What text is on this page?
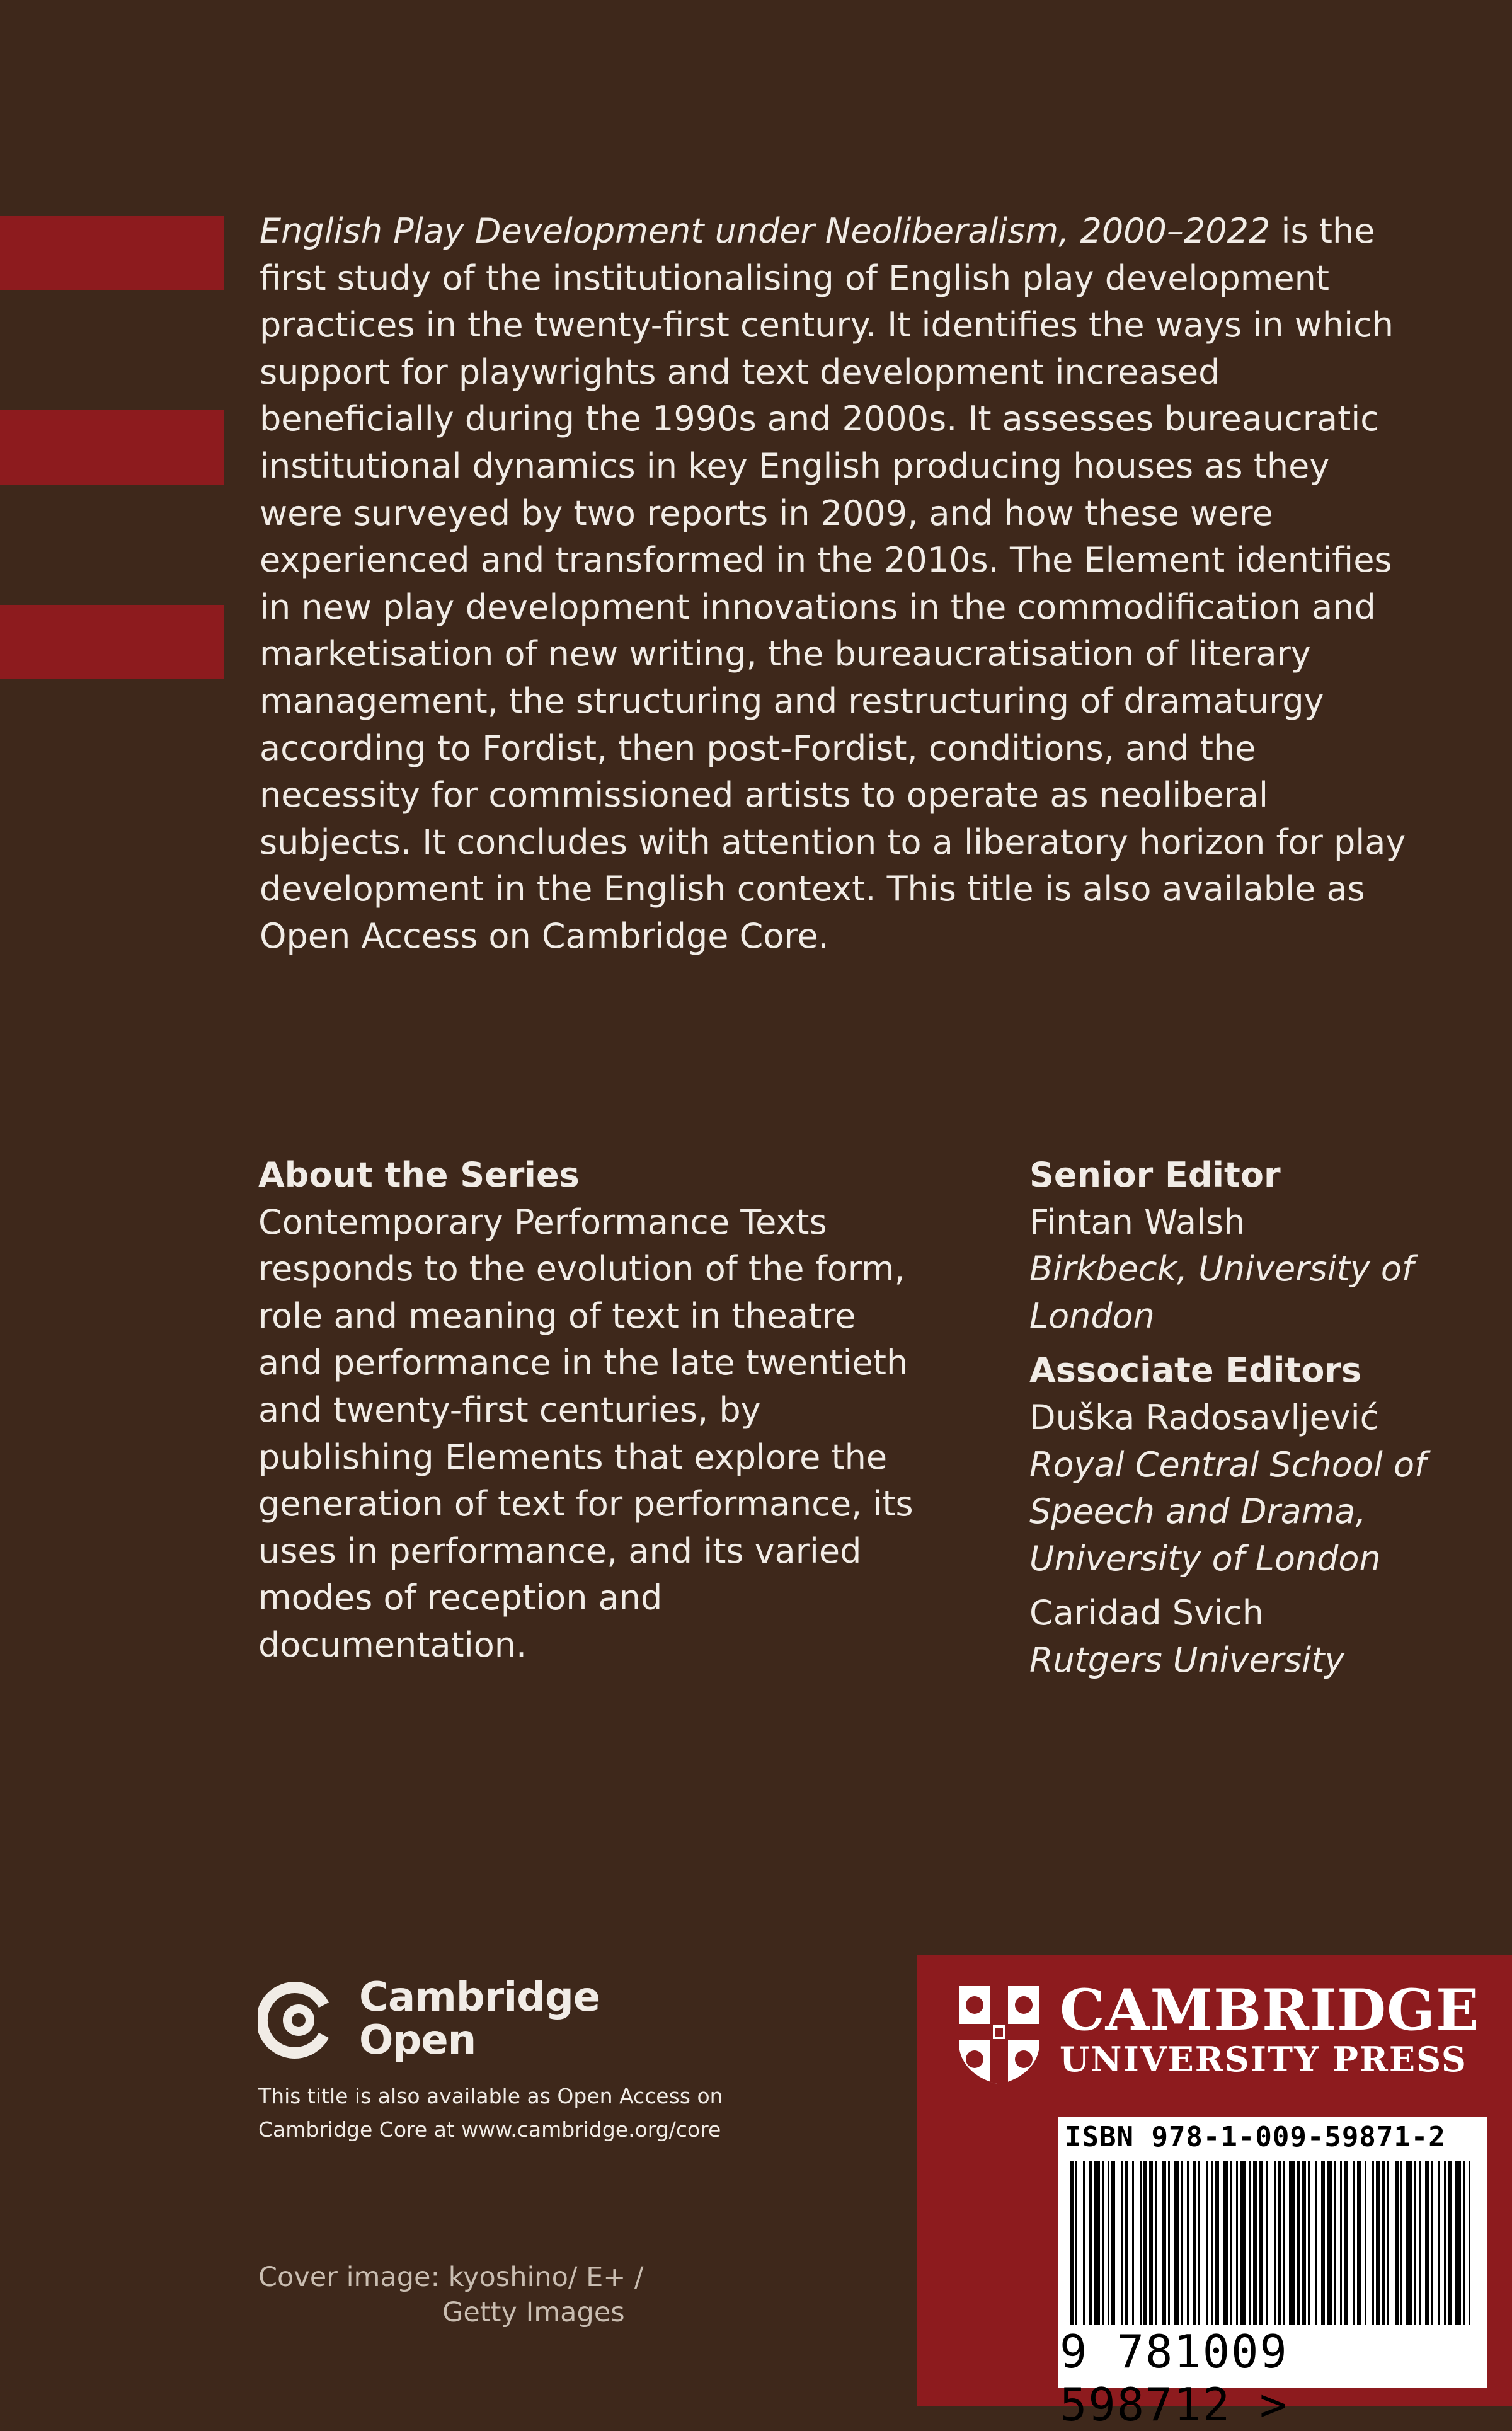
English Play Development under Neoliberalism, 2000–2022 is the first study of the institutionalising of English play development practices in the twenty-first century. It identifies the ways in which support for playwrights and text development increased beneficially during the 1990s and 2000s. It assesses bureaucratic institutional dynamics in key English producing houses as they were surveyed by two reports in 2009, and how these were experienced and transformed in the 2010s. The Element identifies in new play development innovations in the commodification and marketisation of new writing, the bureaucratisation of literary management, the structuring and restructuring of dramaturgy according to Fordist, then post-Fordist, conditions, and the necessity for commissioned artists to operate as neoliberal subjects. It concludes with attention to a liberatory horizon for play development in the English context. This title is also available as Open Access on Cambridge Core.

About the Series

Contemporary Performance Texts responds to the evolution of the form, role and meaning of text in theatre and performance in the late twentieth and twenty-first centuries, by publishing Elements that explore the generation of text for performance, its uses in performance, and its varied modes of reception and documentation.

Senior Editor

Fintan Walsh

Birkbeck, University of London

Associate Editors

Duška Radosavljević

Royal Central School of Speech and Drama, University of London

Caridad Svich

Rutgers University

Cambridge
Open

This title is also available as Open Access on Cambridge Core at www.cambridge.org/core

Cover image: kyoshino/ E+ /
Getty Images
CAMBRIDGE
UNIVERSITY PRESS
ISBN 978-1-009-59871-2
9 781009 598712 >
